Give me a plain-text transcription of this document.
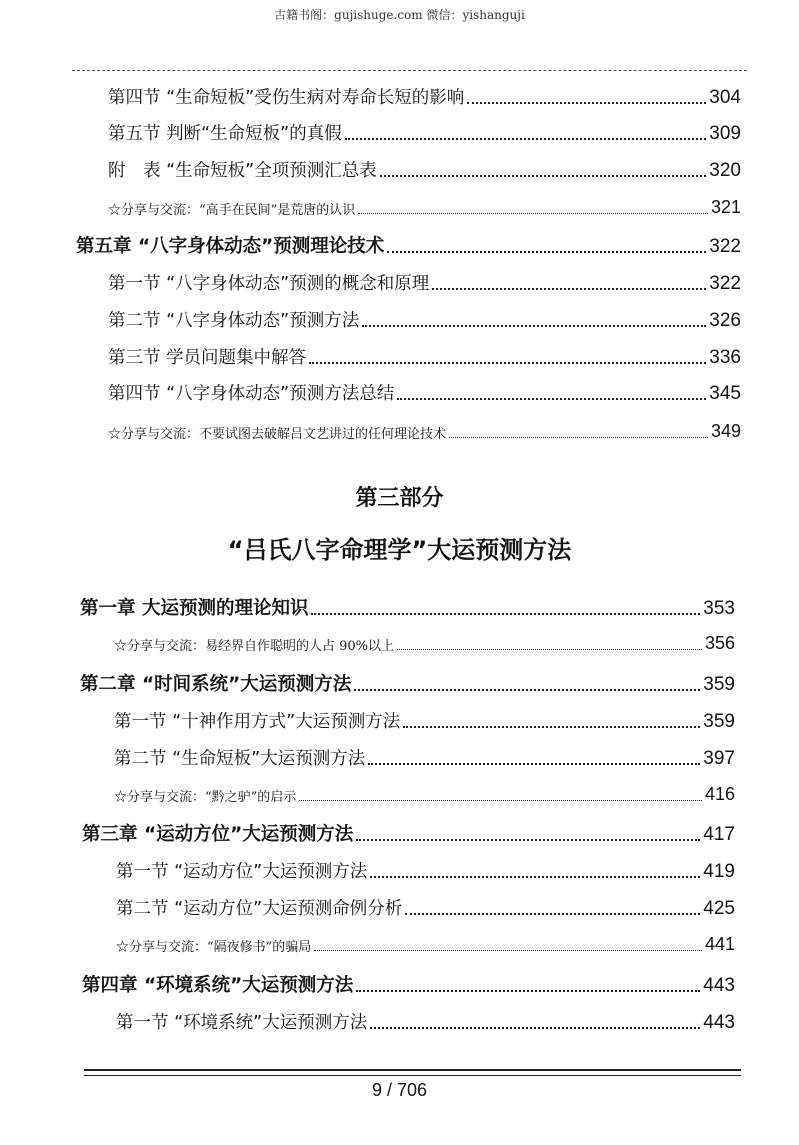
古籍书阁：gujishuge.com 微信：yishanguji
第四节 “生命短板”受伤生病对寿命长短的影响	304
第五节 判断“生命短板”的真假	309
附　表 “生命短板”全项预测汇总表	320
☆分享与交流：“高手在民间”是荒唐的认识	321
第五章 “八字身体动态”预测理论技术	322
第一节 “八字身体动态”预测的概念和原理	322
第二节 “八字身体动态”预测方法	326
第三节 学员问题集中解答	336
第四节 “八字身体动态”预测方法总结	345
☆分享与交流：不要试图去破解吕文艺讲过的任何理论技术	349
第三部分
“吕氏八字命理学”大运预测方法
第一章 大运预测的理论知识	353
☆分享与交流：易经界自作聪明的人占 90%以上	356
第二章 “时间系统”大运预测方法	359
第一节 “十神作用方式”大运预测方法	359
第二节 “生命短板”大运预测方法	397
☆分享与交流：“黔之驴”的启示	416
第三章 “运动方位”大运预测方法	417
第一节 “运动方位”大运预测方法	419
第二节 “运动方位”大运预测命例分析	425
☆分享与交流：“隔夜修书”的骗局	441
第四章 “环境系统”大运预测方法	443
第一节 “环境系统”大运预测方法	443
9 / 706
